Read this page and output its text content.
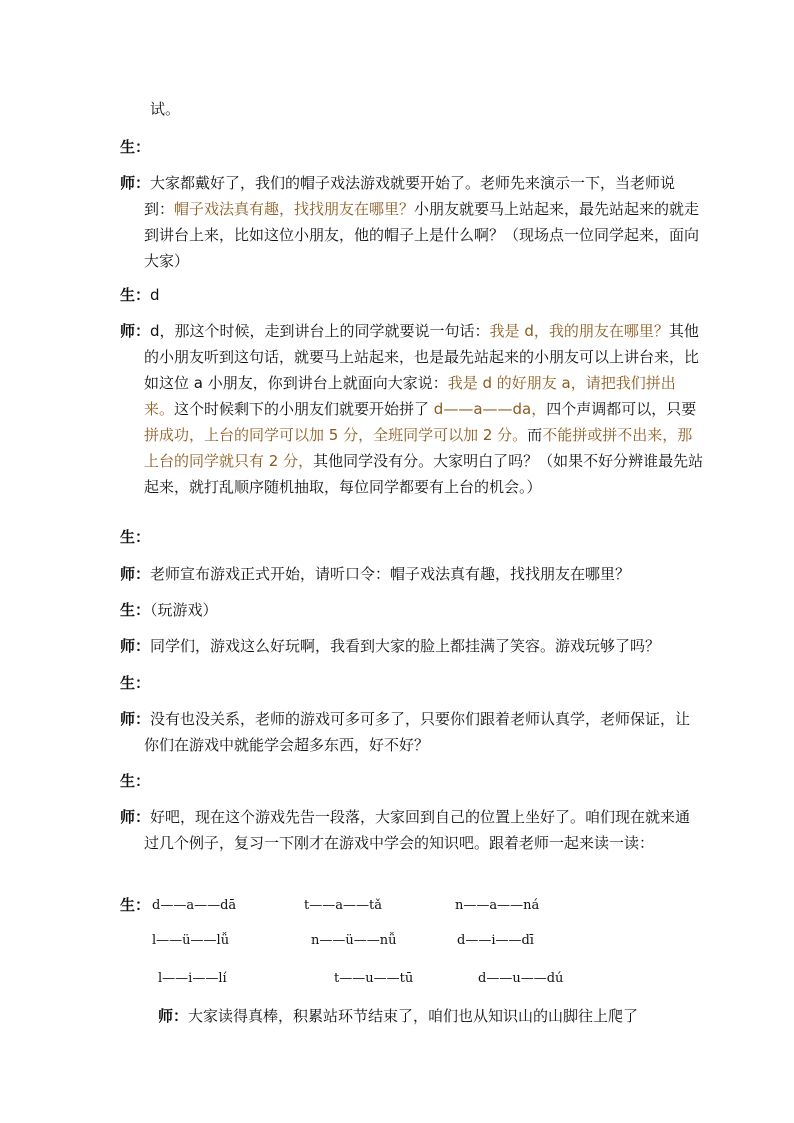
试。
生：
师：大家都戴好了，我们的帽子戏法游戏就要开始了。老师先来演示一下，当老师说到：帽子戏法真有趣，找找朋友在哪里？小朋友就要马上站起来，最先站起来的就走到讲台上来，比如这位小朋友，他的帽子上是什么啊？（现场点一位同学起来，面向大家）
生：d
师：d，那这个时候，走到讲台上的同学就要说一句话：我是 d，我的朋友在哪里？其他的小朋友听到这句话，就要马上站起来，也是最先站起来的小朋友可以上讲台来，比如这位 a 小朋友，你到讲台上就面向大家说：我是 d 的好朋友 a，请把我们拼出来。这个时候剩下的小朋友们就要开始拼了 d——a——da，四个声调都可以，只要拼成功，上台的同学可以加 5 分，全班同学可以加 2 分。而不能拼或拼不出来，那上台的同学就只有 2 分，其他同学没有分。大家明白了吗？（如果不好分辨谁最先站起来，就打乱顺序随机抽取，每位同学都要有上台的机会。）
生：
师：老师宣布游戏正式开始，请听口令：帽子戏法真有趣，找找朋友在哪里？
生：（玩游戏）
师：同学们，游戏这么好玩啊，我看到大家的脸上都挂满了笑容。游戏玩够了吗？
生：
师：没有也没关系，老师的游戏可多可多了，只要你们跟着老师认真学，老师保证，让你们在游戏中就能学会超多东西，好不好？
生：
师：好吧，现在这个游戏先告一段落，大家回到自己的位置上坐好了。咱们现在就来通过几个例子，复习一下刚才在游戏中学会的知识吧。跟着老师一起来读一读：
生： d——a——dā	t——a——tǎ	n——a——ná
l——ü——lǚ	n——ü——nǚ	d——i——dī
l——i——lí	t——u——tū	d——u——dú
师：大家读得真棒，积累站环节结束了，咱们也从知识山的山脚往上爬了
